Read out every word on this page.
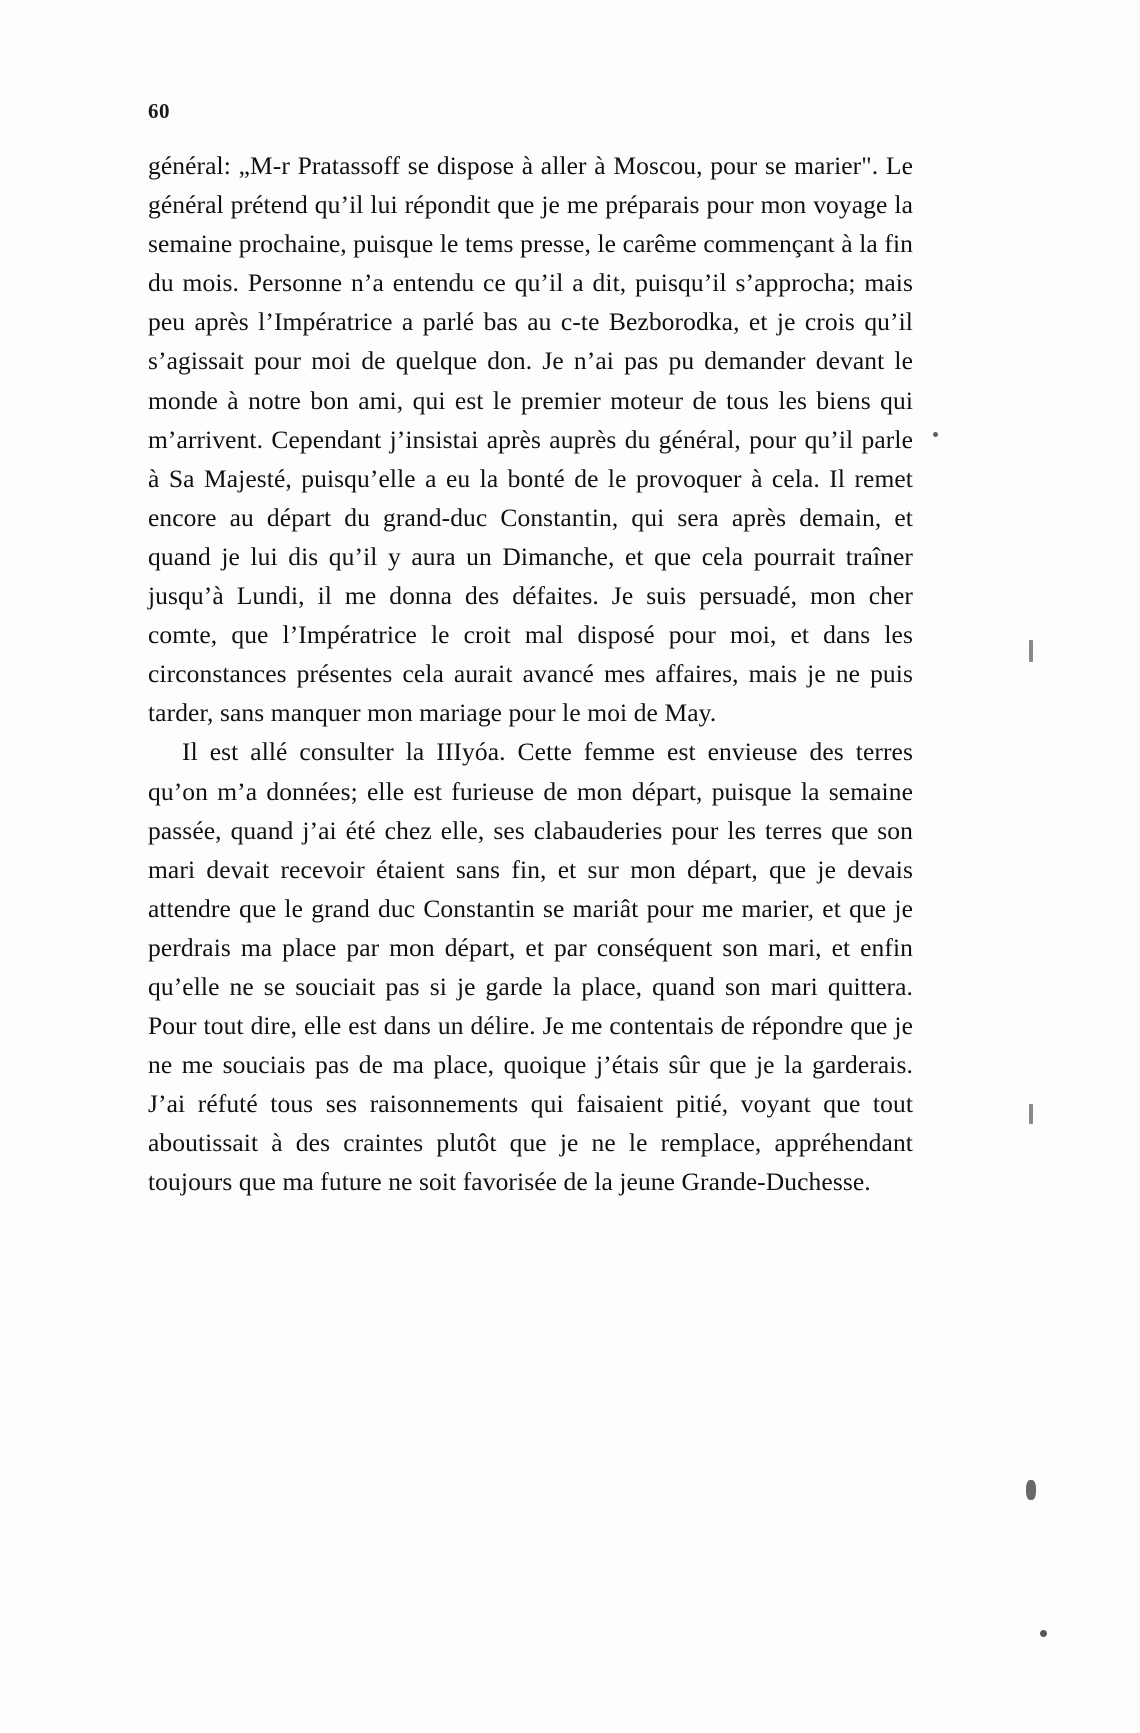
60

général: „M-r Pratassoff se dispose à aller à Moscou, pour se marier". Le général prétend qu’il lui répondit que je me préparais pour mon voyage la semaine prochaine, puisque le tems presse, le carême commençant à la fin du mois. Personne n’a entendu ce qu’il a dit, puisqu’il s’approcha; mais peu après l’Impératrice a parlé bas au c-te Bezborodka, et je crois qu’il s’agissait pour moi de quelque don. Je n’ai pas pu demander devant le monde à notre bon ami, qui est le premier moteur de tous les biens qui m’arrivent. Cependant j’insistai après auprès du général, pour qu’il parle à Sa Majesté, puisqu’elle a eu la bonté de le provoquer à cela. Il remet encore au départ du grand-duc Constantin, qui sera après demain, et quand je lui dis qu’il y aura un Dimanche, et que cela pourrait traîner jusqu’à Lundi, il me donna des défaites. Je suis persuadé, mon cher comte, que l’Impératrice le croit mal disposé pour moi, et dans les circonstances présentes cela aurait avancé mes affaires, mais je ne puis tarder, sans manquer mon mariage pour le moi de May.

Il est allé consulter la IIIyóa. Cette femme est envieuse des terres qu’on m’a données; elle est furieuse de mon départ, puisque la semaine passée, quand j’ai été chez elle, ses clabauderies pour les terres que son mari devait recevoir étaient sans fin, et sur mon départ, que je devais attendre que le grand duc Constantin se mariât pour me marier, et que je perdrais ma place par mon départ, et par conséquent son mari, et enfin qu’elle ne se souciait pas si je garde la place, quand son mari quittera. Pour tout dire, elle est dans un délire. Je me contentais de répondre que je ne me souciais pas de ma place, quoique j’étais sûr que je la garderais. J’ai réfuté tous ses raisonnements qui faisaient pitié, voyant que tout aboutissait à des craintes plutôt que je ne le remplace, appréhendant toujours que ma future ne soit favorisée de la jeune Grande-Duchesse.
